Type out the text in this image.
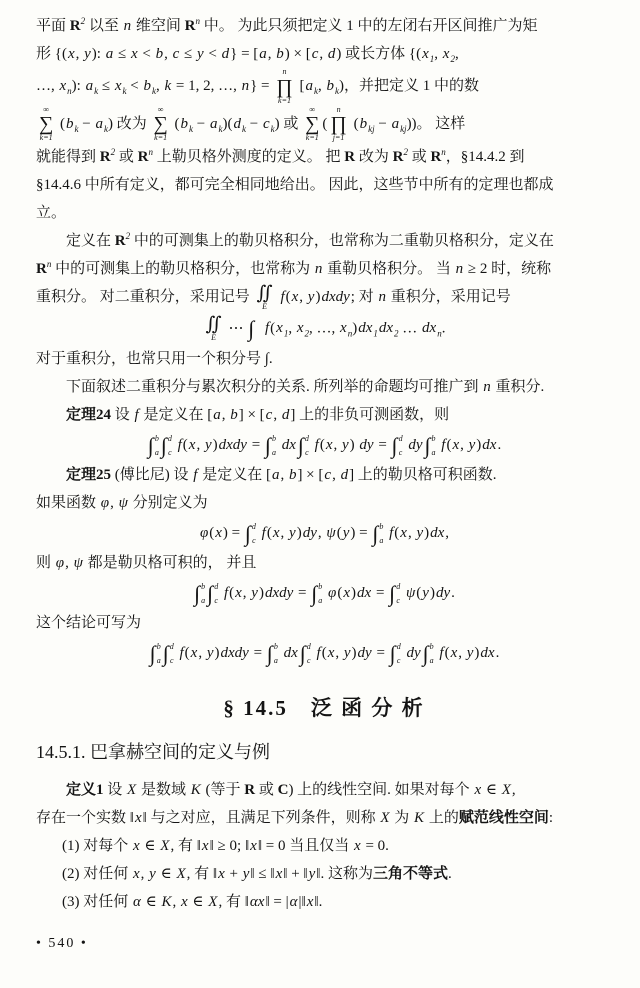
平面 $R^2$ 以至 n 维空间 $R^n$ 中。 为此只须把定义 1 中的左闭右开区间推广为矩
形 {(x, y): a ≤ x < b, c ≤ y < d} = [a, b) × [c, d) 或长方体 {($x_1$, $x_2$,
…, $x_n$): $a_k \le x_k < b_k$, k = 1, 2, …, n} =
n
∏
k=1
[$a_k$, $b_k$)，并把定义 1 中的数
∞
∑
k=1
$(b_k - a_k)$ 改为
∞
∑
k=1
$(b_k - a_k)(d_k - c_k)$ 或
∞
∑
k=1
(
n
∏
j=1
$(b_{kj} - a_{kj})$)。 这样
就能得到 $R^2$ 或 $R^n$ 上勒贝格外测度的定义。 把 R 改为 $R^2$ 或 $R^n$，§14.4.2 到
§14.4.6 中所有定义，都可完全相同地给出。 因此，这些节中所有的定理也都成
立。
定义在 $R^2$ 中的可测集上的勒贝格积分，也常称为二重勒贝格积分，定义在
$R^n$ 中的可测集上的勒贝格积分，也常称为 n 重勒贝格积分。 当 n ≥ 2 时，统称
重积分。 对二重积分，采用记号 ∬
E
f(x, y)dxdy; 对 n 重积分，采用记号
∬
E
⋯ ∫ $f(x_1$, $x_2$, …, $x_n)dx_1dx_2$ … $dx_n$.
对于重积分，也常只用一个积分号 ∫.
下面叙述二重积分与累次积分的关系. 所列举的命题均可推广到 n 重积分.
定理24 设 f 是定义在 [a, b] × [c, d] 上的非负可测函数，则
∫ b
a ∫ d
c f(x, y)dxdy = ∫ b
a dx ∫ d
c f(x, y) dy = ∫ d
c dy ∫ b
a f(x, y)dx.
定理25 (傅比尼) 设 f 是定义在 [a, b] × [c, d] 上的勒贝格可积函数.
如果函数 φ, ψ 分别定义为
φ(x) = ∫ d
c f(x, y)dy, ψ(y) = ∫ b
a f(x, y)dx,
则 φ, ψ 都是勒贝格可积的， 并且
∫ b
a ∫ d
c f(x, y)dxdy = ∫ b
a φ(x)dx = ∫ d
c ψ(y)dy.
这个结论可写为
∫ b
a ∫ d
c f(x, y)dxdy = ∫ b
a dx ∫ d
c f(x, y)dy = ∫ d
c dy ∫ b
a f(x, y)dx.
§ 14.5　泛 函 分 析
14.5.1. 巴拿赫空间的定义与例
定义1 设 X 是数域 K (等于 R 或 C) 上的线性空间. 如果对每个 x ∈ X,
存在一个实数 ‖x‖ 与之对应，且满足下列条件，则称 X 为 K 上的赋范线性空间:
(1) 对每个 x ∈ X, 有 ‖x‖ ≥ 0; ‖x‖ = 0 当且仅当 x = 0.
(2) 对任何 x, y ∈ X, 有 ‖x + y‖ ≤ ‖x‖ + ‖y‖. 这称为三角不等式.
(3) 对任何 α ∈ K, x ∈ X, 有 ‖αx‖ = |α|‖x‖.
• 540 •
